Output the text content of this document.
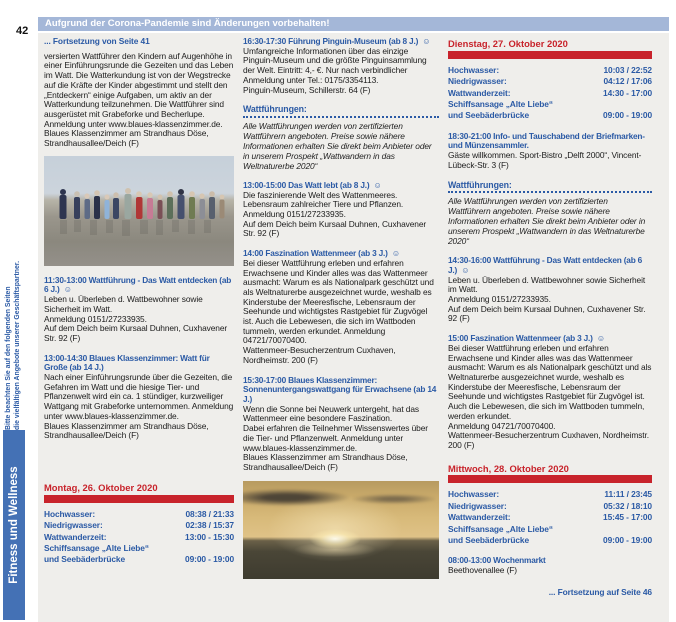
42
Aufgrund der Corona-Pandemie sind Änderungen vorbehalten!
Bitte beachten Sie auf den folgenden Seiten die vielfältigen Angebote unserer Geschäftspartner.
Fitness und Wellness
... Fortsetzung von Seite 41
versierten Wattführer den Kindern auf Augenhöhe in einer Einführungsrunde die Gezeiten und das Leben im Watt. Die Watterkundung ist von der Wegstrecke auf die Kräfte der Kinder abgestimmt und stellt den „Entdeckern“ einige Aufgaben, um aktiv an der Watterkundung teilzunehmen. Die Wattführer sind ausgerüstet mit Grabeforke und Becherlupe. Anmeldung unter www.blaues-klassenzimmer.de.
Blaues Klassenzimmer am Strandhaus Döse, Strandhausallee/Deich (F)
11:30-13:00 Wattführung - Das Watt entdecken (ab 6 J.) ☺
Leben u. Überleben d. Wattbewohner sowie Sicherheit im Watt.
Anmeldung 0151/27233935.
Auf dem Deich beim Kursaal Duhnen, Cuxhavener Str. 92 (F)
13:00-14:30 Blaues Klassenzimmer: Watt für Große (ab 14 J.)
Nach einer Einführungsrunde über die Gezeiten, die Gefahren im Watt und die hiesige Tier- und Pflanzenwelt wird ein ca. 1 stündiger, kurzweiliger Wattgang mit Grabeforke unternommen. Anmeldung unter www.blaues-klassenzimmer.de.
Blaues Klassenzimmer am Strandhaus Döse, Strandhausallee/Deich (F)
Montag, 26. Oktober 2020
Hochwasser:	08:38 / 21:33
Niedrigwasser:	02:38 / 15:37
Wattwanderzeit:	13:00 - 15:30
Schiffsansage „Alte Liebe“
und Seebäderbrücke	09:00 - 19:00
16:30-17:30 Führung Pinguin-Museum (ab 8 J.) ☺
Umfangreiche Informationen über das einzige Pinguin-Museum und die größte Pinguinsammlung der Welt. Eintritt: 4,- €. Nur nach verbindlicher Anmeldung unter Tel.: 0175/3354113.
Pinguin-Museum, Schillerstr. 64 (F)
Wattführungen:
Alle Wattführungen werden von zertifizierten Wattführern angeboten. Preise sowie nähere Informationen erhalten Sie direkt beim Anbieter oder in unserem Prospekt „Wattwandern in das Weltnaturerbe 2020“
13:00-15:00 Das Watt lebt (ab 8 J.) ☺
Die faszinierende Welt des Wattenmeeres. Lebensraum zahlreicher Tiere und Pflanzen.
Anmeldung 0151/27233935.
Auf dem Deich beim Kursaal Duhnen, Cuxhavener Str. 92 (F)
14:00 Faszination Wattenmeer (ab 3 J.) ☺
Bei dieser Wattführung erleben und erfahren Erwachsene und Kinder alles was das Wattenmeer ausmacht: Warum es als Nationalpark geschützt und als Weltnaturerbe ausgezeichnet wurde, weshalb es Kinderstube der Meeresfische, Lebensraum der Seehunde und wichtigstes Rastgebiet für Zugvögel ist. Auch die Lebewesen, die sich im Wattboden tummeln, werden erkundet. Anmeldung 04721/70070400.
Wattenmeer-Besucherzentrum Cuxhaven, Nordheimstr. 200 (F)
15:30-17:00 Blaues Klassenzimmer: Sonnenuntergangswattgang für Erwachsene (ab 14 J.)
Wenn die Sonne bei Neuwerk untergeht, hat das Wattenmeer eine besondere Faszination.
Dabei erfahren die Teilnehmer Wissenswertes über die Tier- und Pflanzenwelt. Anmeldung unter www.blaues-klassenzimmer.de.
Blaues Klassenzimmer am Strandhaus Döse, Strandhausallee/Deich (F)
Dienstag, 27. Oktober 2020
Hochwasser:	10:03 / 22:52
Niedrigwasser:	04:12 / 17:06
Wattwanderzeit:	14:30 - 17:00
Schiffsansage „Alte Liebe“
und Seebäderbrücke	09:00 - 19:00
18:30-21:00 Info- und Tauschabend der Briefmarken- und Münzensammler.
Gäste willkommen. Sport-Bistro „Delft 2000“, Vincent-Lübeck-Str. 3 (F)
Wattführungen:
Alle Wattführungen werden von zertifizierten Wattführern angeboten. Preise sowie nähere Informationen erhalten Sie direkt beim Anbieter oder in unserem Prospekt „Wattwandern in das Weltnaturerbe 2020“
14:30-16:00 Wattführung - Das Watt entdecken (ab 6 J.) ☺
Leben u. Überleben d. Wattbewohner sowie Sicherheit im Watt.
Anmeldung 0151/27233935.
Auf dem Deich beim Kursaal Duhnen, Cuxhavener Str. 92 (F)
15:00 Faszination Wattenmeer (ab 3 J.) ☺
Bei dieser Wattführung erleben und erfahren Erwachsene und Kinder alles was das Wattenmeer ausmacht: Warum es als Nationalpark geschützt und als Weltnaturerbe ausgezeichnet wurde, weshalb es Kinderstube der Meeresfische, Lebensraum der Seehunde und wichtigstes Rastgebiet für Zugvögel ist. Auch die Lebewesen, die sich im Wattboden tummeln, werden erkundet.
Anmeldung 04721/70070400.
Wattenmeer-Besucherzentrum Cuxhaven, Nordheimstr. 200 (F)
Mittwoch, 28. Oktober 2020
Hochwasser:	11:11 / 23:45
Niedrigwasser:	05:32 / 18:10
Wattwanderzeit:	15:45 - 17:00
Schiffsansage „Alte Liebe“
und Seebäderbrücke	09:00 - 19:00
08:00-13:00 Wochenmarkt
Beethovenallee (F)
... Fortsetzung auf Seite 46
